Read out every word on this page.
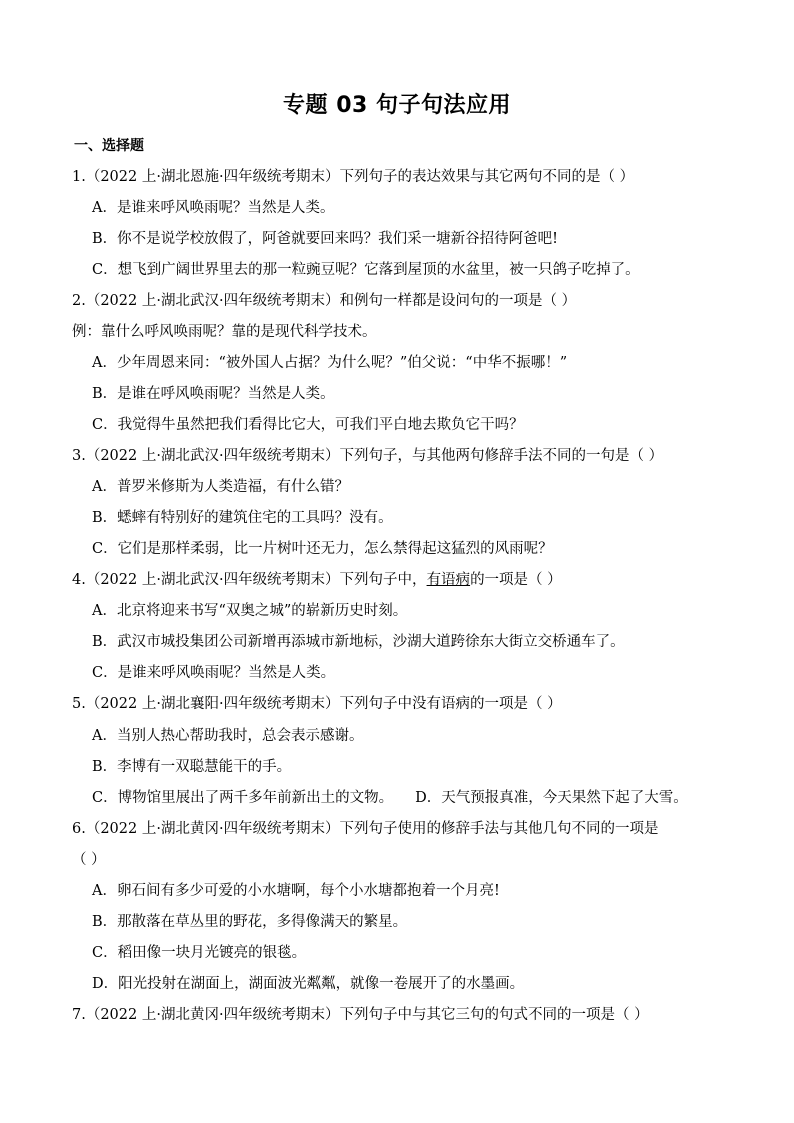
专题 03 句子句法应用
一、选择题
1.（2022 上·湖北恩施·四年级统考期末）下列句子的表达效果与其它两句不同的是（ ）
A．是谁来呼风唤雨呢？当然是人类。
B．你不是说学校放假了，阿爸就要回来吗？我们采一塘新谷招待阿爸吧!
C．想飞到广阔世界里去的那一粒豌豆呢？它落到屋顶的水盆里，被一只鸽子吃掉了。
2.（2022 上·湖北武汉·四年级统考期末）和例句一样都是设问句的一项是（ ）
例：靠什么呼风唤雨呢？靠的是现代科学技术。
A．少年周恩来同：“被外国人占据？为什么呢？”伯父说：“中华不振哪！”
B．是谁在呼风唤雨呢？当然是人类。
C．我觉得牛虽然把我们看得比它大，可我们平白地去欺负它干吗？
3.（2022 上·湖北武汉·四年级统考期末）下列句子，与其他两句修辞手法不同的一句是（ ）
A．普罗米修斯为人类造福，有什么错？
B．蟋蟀有特别好的建筑住宅的工具吗？没有。
C．它们是那样柔弱，比一片树叶还无力，怎么禁得起这猛烈的风雨呢？
4.（2022 上·湖北武汉·四年级统考期末）下列句子中，有语病的一项是（ ）
A．北京将迎来书写“双奥之城”的崭新历史时刻。
B．武汉市城投集团公司新增再添城市新地标，沙湖大道跨徐东大街立交桥通车了。
C．是谁来呼风唤雨呢？当然是人类。
5.（2022 上·湖北襄阳·四年级统考期末）下列句子中没有语病的一项是（ ）
A．当别人热心帮助我时，总会表示感谢。
B．李博有一双聪慧能干的手。
C．博物馆里展出了两千多年前新出土的文物。 D．天气预报真准，今天果然下起了大雪。
6.（2022 上·湖北黄冈·四年级统考期末）下列句子使用的修辞手法与其他几句不同的一项是
（ ）
A．卵石间有多少可爱的小水塘啊，每个小水塘都抱着一个月亮!
B．那散落在草丛里的野花，多得像满天的繁星。
C．稻田像一块月光镀亮的银毯。
D．阳光投射在湖面上，湖面波光粼粼，就像一卷展开了的水墨画。
7.（2022 上·湖北黄冈·四年级统考期末）下列句子中与其它三句的句式不同的一项是（ ）
